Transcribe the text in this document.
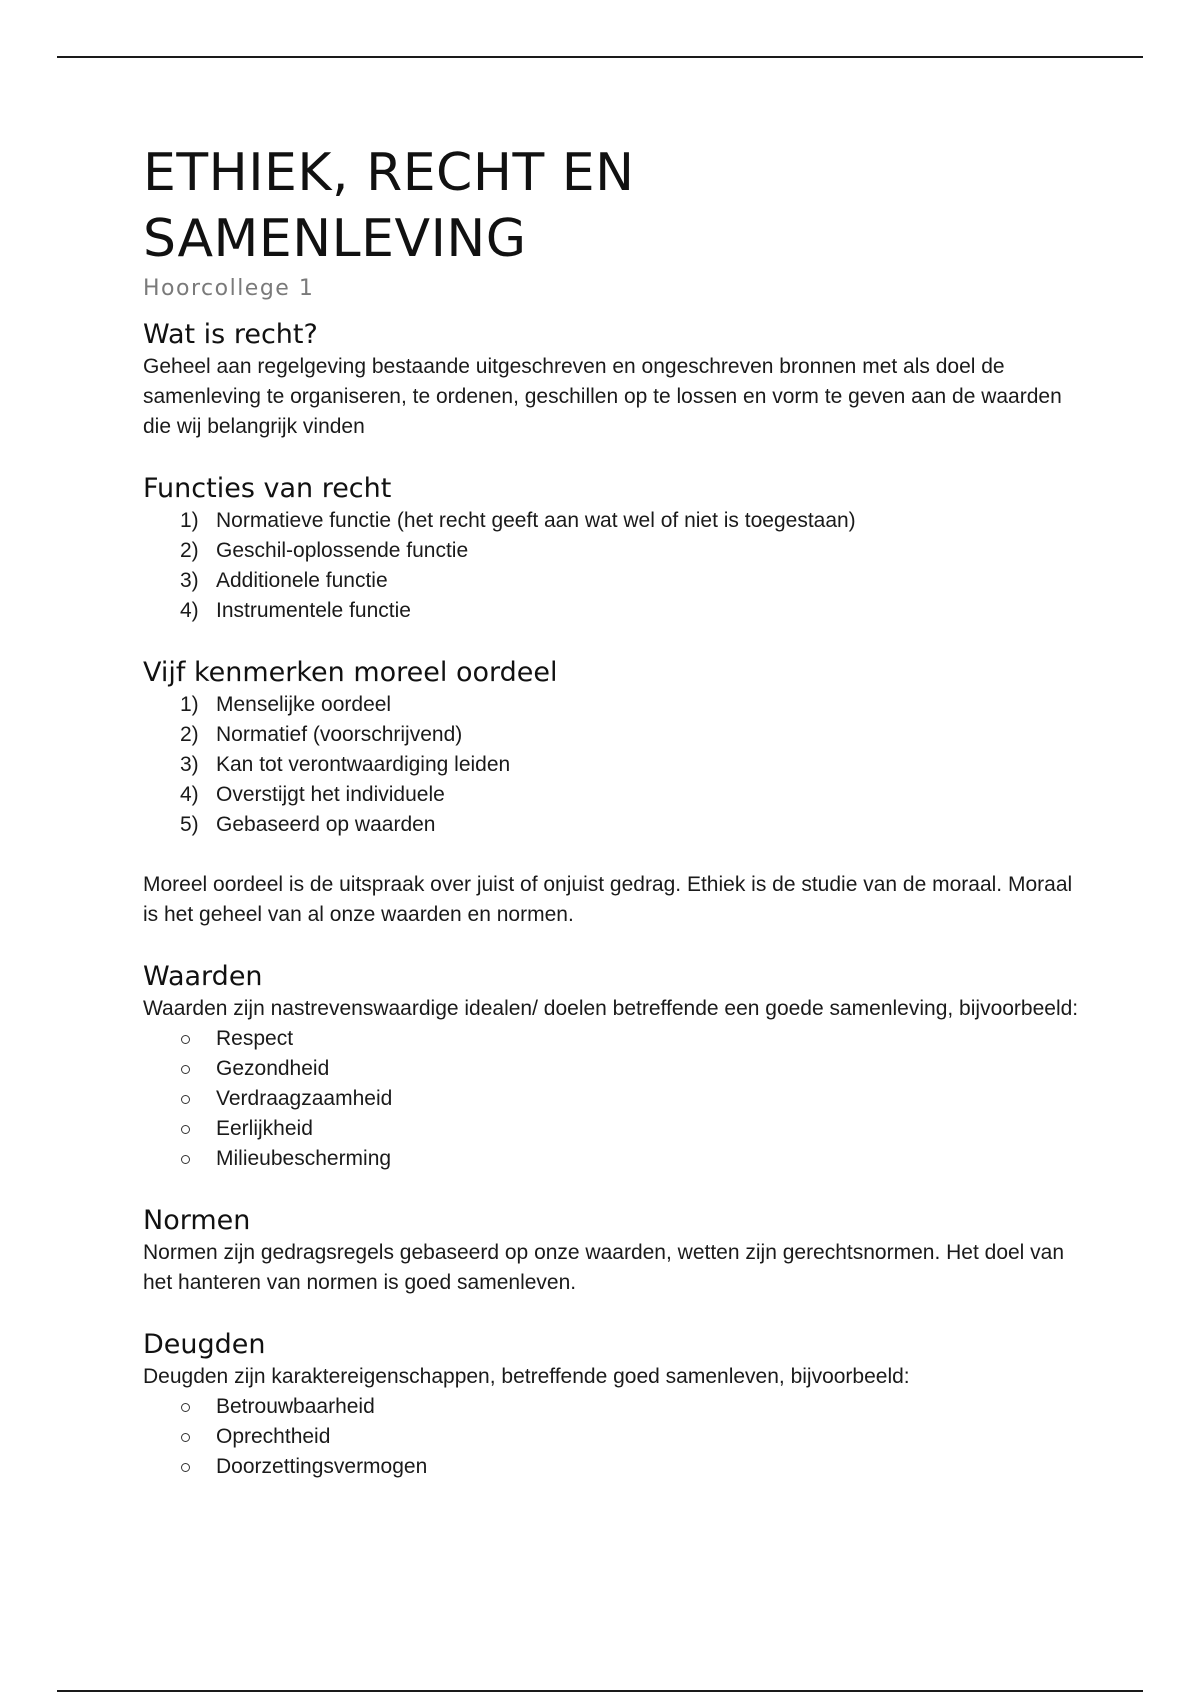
ETHIEK, RECHT EN
SAMENLEVING

Hoorcollege 1

Wat is recht?

Geheel aan regelgeving bestaande uitgeschreven en ongeschreven bronnen met als doel de samenleving te organiseren, te ordenen, geschillen op te lossen en vorm te geven aan de waarden die wij belangrijk vinden

Functies van recht
1) Normatieve functie (het recht geeft aan wat wel of niet is toegestaan)
2) Geschil-oplossende functie
3) Additionele functie
4) Instrumentele functie
Vijf kenmerken moreel oordeel
1) Menselijke oordeel
2) Normatief (voorschrijvend)
3) Kan tot verontwaardiging leiden
4) Overstijgt het individuele
5) Gebaseerd op waarden

Moreel oordeel is de uitspraak over juist of onjuist gedrag. Ethiek is de studie van de moraal. Moraal is het geheel van al onze waarden en normen.

Waarden

Waarden zijn nastrevenswaardige idealen/ doelen betreffende een goede samenleving, bijvoorbeeld:

Respect
Gezondheid
Verdraagzaamheid
Eerlijkheid
Milieubescherming
Normen

Normen zijn gedragsregels gebaseerd op onze waarden, wetten zijn gerechtsnormen. Het doel van het hanteren van normen is goed samenleven.

Deugden

Deugden zijn karaktereigenschappen, betreffende goed samenleven, bijvoorbeeld:

Betrouwbaarheid
Oprechtheid
Doorzettingsvermogen
